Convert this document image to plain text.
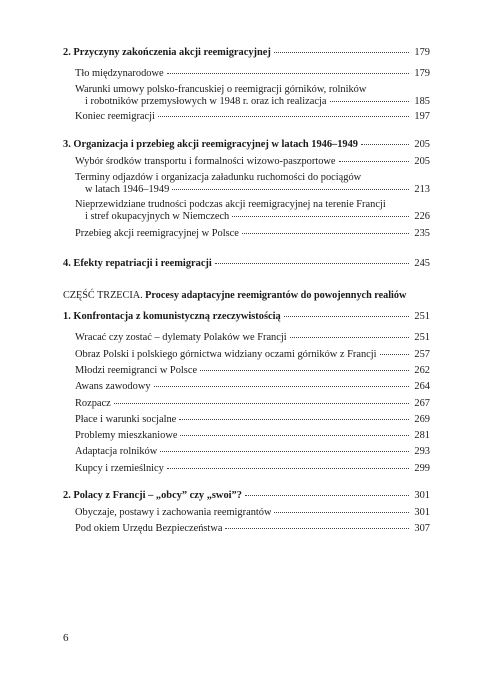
2. Przyczyny zakończenia akcji reemigracyjnej	179
Tło międzynarodowe	179
Warunki umowy polsko-francuskiej o reemigracji górników, rolników
i robotników przemysłowych w 1948 r. oraz ich realizacja	185
Koniec reemigracji	197
3. Organizacja i przebieg akcji reemigracyjnej w latach 1946–1949	205
Wybór środków transportu i formalności wizowo-paszportowe	205
Terminy odjazdów i organizacja załadunku ruchomości do pociągów
w latach 1946–1949	213
Nieprzewidziane trudności podczas akcji reemigracyjnej na terenie Francji
i stref okupacyjnych w Niemczech	226
Przebieg akcji reemigracyjnej w Polsce	235
4. Efekty repatriacji i reemigracji	245
CZĘŚĆ TRZECIA. Procesy adaptacyjne reemigrantów do powojennych realiów
1. Konfrontacja z komunistyczną rzeczywistością	251
Wracać czy zostać – dylematy Polaków we Francji	251
Obraz Polski i polskiego górnictwa widziany oczami górników z Francji	257
Młodzi reemigranci w Polsce	262
Awans zawodowy	264
Rozpacz	267
Płace i warunki socjalne	269
Problemy mieszkaniowe	281
Adaptacja rolników	293
Kupcy i rzemieślnicy	299
2. Polacy z Francji – „obcy” czy „swoi”?	301
Obyczaje, postawy i zachowania reemigrantów	301
Pod okiem Urzędu Bezpieczeństwa	307
6
